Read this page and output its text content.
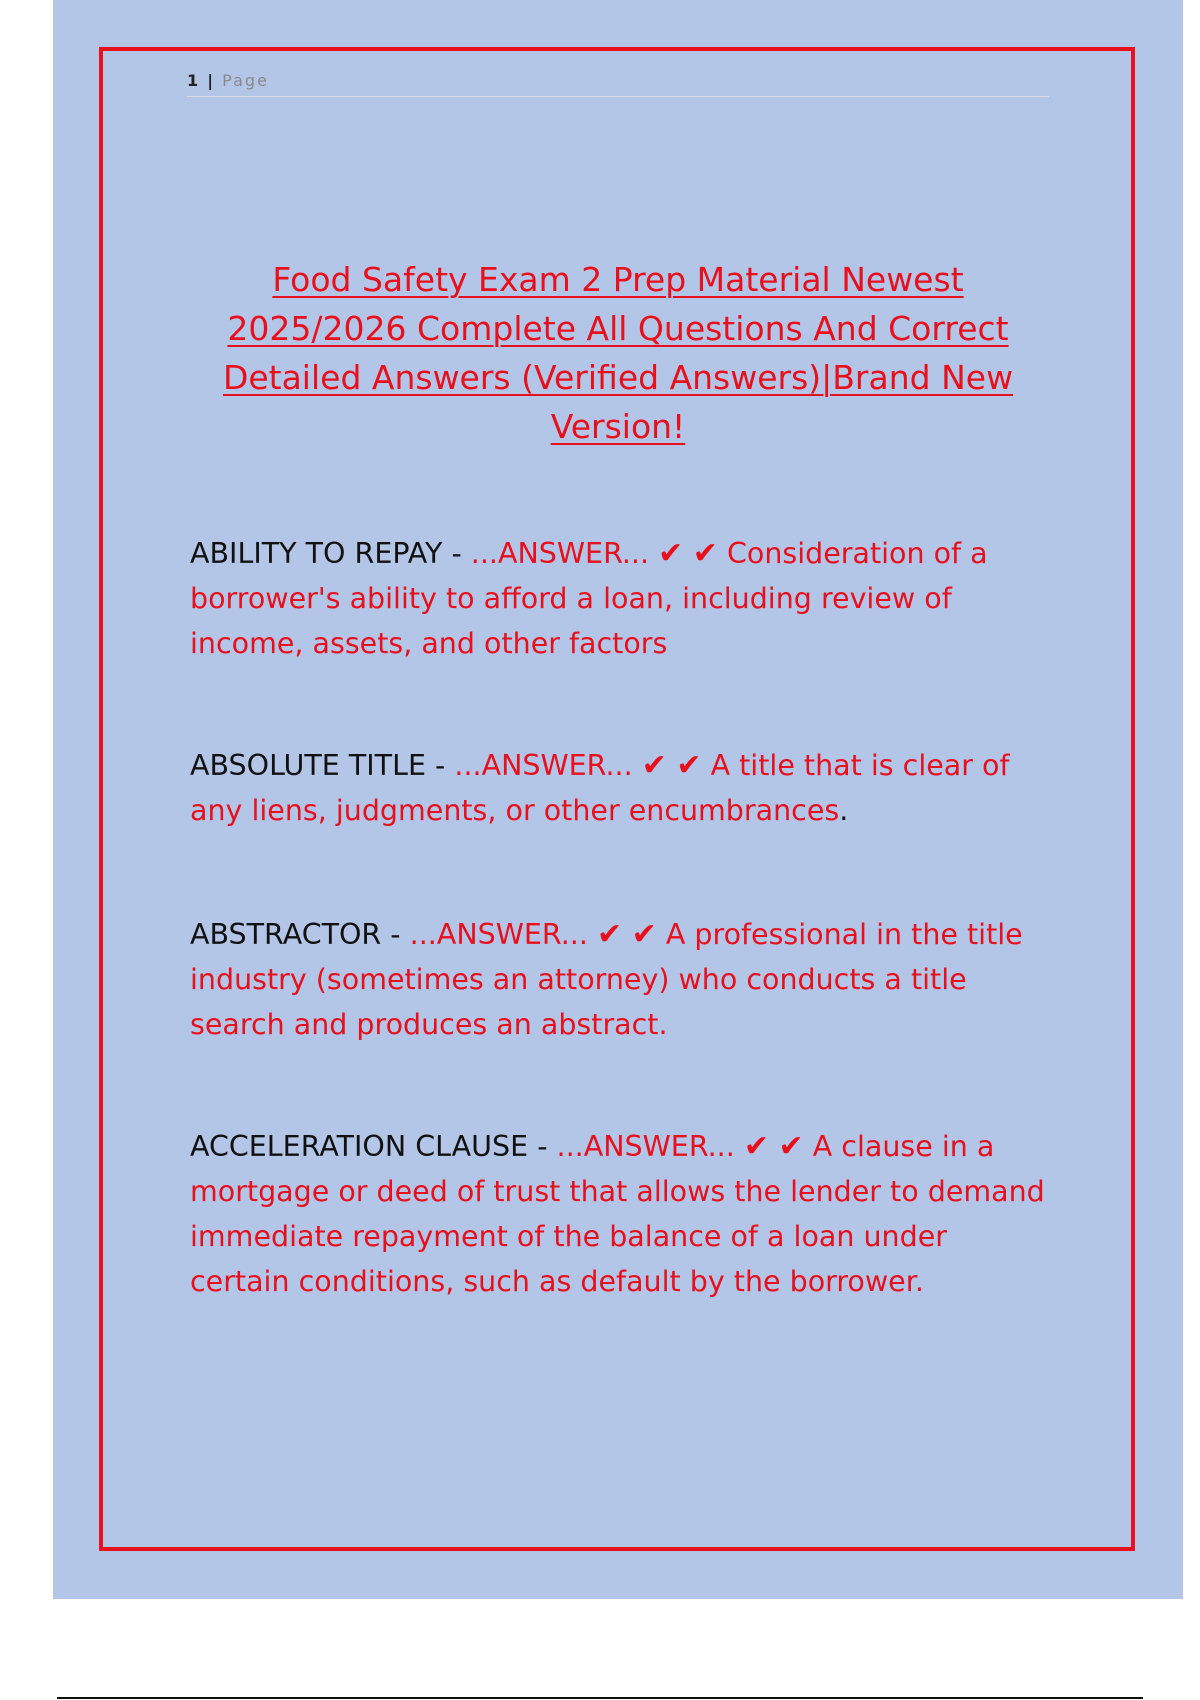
1 | Page
Food Safety Exam 2 Prep Material Newest 2025/2026 Complete All Questions And Correct Detailed Answers (Verified Answers)|Brand New Version!

ABILITY TO REPAY - ...ANSWER... ✔ ✔ Consideration of a borrower's ability to afford a loan, including review of income, assets, and other factors

ABSOLUTE TITLE - ...ANSWER... ✔ ✔ A title that is clear of any liens, judgments, or other encumbrances.

ABSTRACTOR - ...ANSWER... ✔ ✔ A professional in the title industry (sometimes an attorney) who conducts a title search and produces an abstract.

ACCELERATION CLAUSE - ...ANSWER... ✔ ✔ A clause in a mortgage or deed of trust that allows the lender to demand immediate repayment of the balance of a loan under certain conditions, such as default by the borrower.
